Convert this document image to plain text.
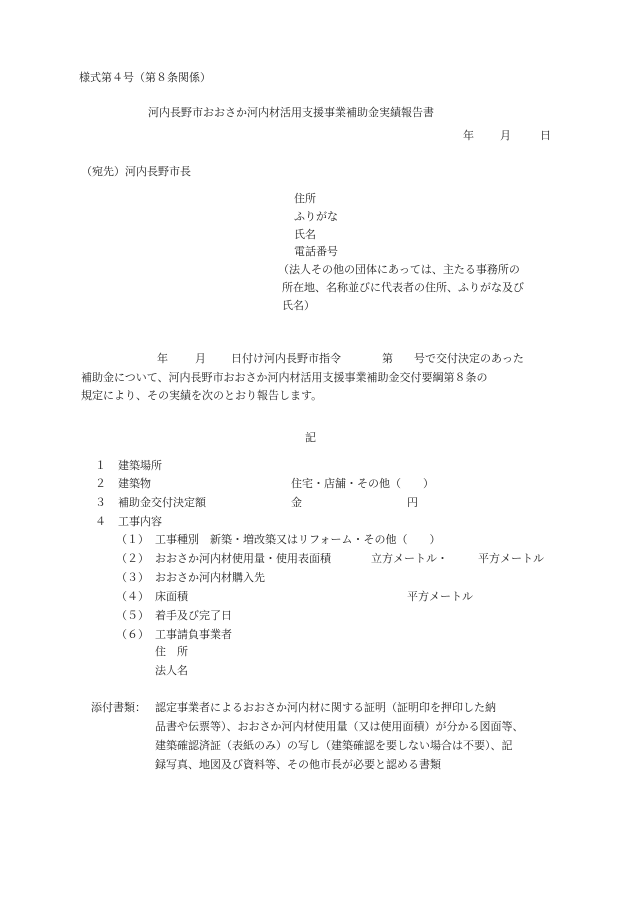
様式第４号（第８条関係）
河内長野市おおさか河内材活用支援事業補助金実績報告書
年 月	日
（宛先）河内長野市長
住所
ふりがな
氏名
電話番号
（法人その他の団体にあっては、主たる事務所の
所在地、名称並びに代表者の住所、ふりがな及び
氏名）
年 月 日付け河内長野市指令	第 号で交付決定のあった
補助金について、河内長野市おおさか河内材活用支援事業補助金交付要綱第８条の
規定により、その実績を次のとおり報告します。
記
１ 建築場所
２ 建築物	住宅・店舗・その他（　　）
３ 補助金交付決定額	金	円
４ 工事内容
（１） 工事種別　新築・増改築又はリフォーム・その他（　　）
（２） おおさか河内材使用量・使用表面積	立方メートル・	平方メートル
（３） おおさか河内材購入先
（４） 床面積	平方メートル
（５） 着手及び完了日
（６） 工事請負事業者
住　所
法人名
添付書類： 認定事業者によるおおさか河内材に関する証明（証明印を押印した納
品書や伝票等）、おおさか河内材使用量（又は使用面積）が分かる図面等、
建築確認済証（表紙のみ）の写し（建築確認を要しない場合は不要）、記
録写真、地図及び資料等、その他市長が必要と認める書類
